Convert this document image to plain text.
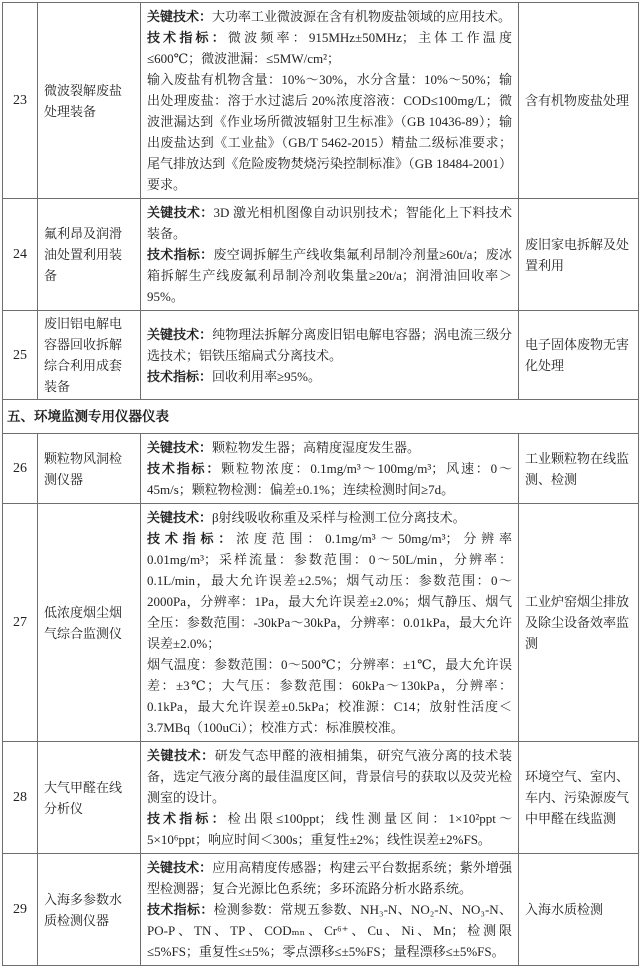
23	微波裂解废盐处理装备	关键技术：大功率工业微波源在含有机物废盐领域的应用技术。

技术指标：微波频率：915MHz±50MHz；主体工作温度≤600℃；微波泄漏：≤5MW/cm²；

输入废盐有机物含量：10%～30%，水分含量：10%～50%；输出处理废盐：溶于水过滤后 20%浓度溶液：COD≤100mg/L；微波泄漏达到《作业场所微波辐射卫生标准》（GB 10436-89）；输出废盐达到《工业盐》（GB/T 5462-2015）精盐二级标准要求；尾气排放达到《危险废物焚烧污染控制标准》（GB 18484-2001）要求。	含有机物废盐处理
24	氟利昂及润滑油处置利用装备	关键技术：3D 激光相机图像自动识别技术；智能化上下料技术装备。

技术指标：废空调拆解生产线收集氟利昂制冷剂量≥60t/a；废冰箱拆解生产线废氟利昂制冷剂收集量≥20t/a；润滑油回收率＞95%。	废旧家电拆解及处置利用
25	废旧铝电解电容器回收拆解综合利用成套装备	关键技术：纯物理法拆解分离废旧铝电解电容器；涡电流三级分选技术；铝铁压缩扁式分离技术。

技术指标：回收利用率≥95%。	电子固体废物无害化处理
五、环境监测专用仪器仪表			
26	颗粒物风洞检测仪器	关键技术：颗粒物发生器；高精度湿度发生器。

技术指标：颗粒物浓度：0.1mg/m³～100mg/m³；风速：0～45m/s；颗粒物检测：偏差±0.1%；连续检测时间≥7d。	工业颗粒物在线监测、检测
27	低浓度烟尘烟气综合监测仪	关键技术：β射线吸收称重及采样与检测工位分离技术。

技术指标：浓度范围：0.1mg/m³～50mg/m³；分辨率 0.01mg/m³；采样流量：参数范围：0～50L/min，分辨率：0.1L/min，最大允许误差±2.5%；烟气动压：参数范围：0～2000Pa，分辨率：1Pa，最大允许误差±2.0%；烟气静压、烟气全压：参数范围：-30kPa～30kPa，分辨率：0.01kPa，最大允许误差±2.0%；

烟气温度：参数范围：0～500℃；分辨率：±1℃，最大允许误差：±3℃；大气压：参数范围：60kPa～130kPa，分辨率：0.1kPa，最大允许误差±0.5kPa；校准源：C14；放射性活度＜3.7MBq（100uCi）；校准方式：标准膜校准。	工业炉窑烟尘排放及除尘设备效率监测
28	大气甲醛在线分析仪	关键技术：研发气态甲醛的液相捕集，研究气液分离的技术装备，选定气液分离的最佳温度区间，背景信号的获取以及荧光检测室的设计。

技术指标：检出限≤100ppt；线性测量区间：1×10²ppt～5×10⁶ppt；响应时间＜300s；重复性±2%；线性误差±2%FS。	环境空气、室内、车内、污染源废气中甲醛在线监测
29	入海多参数水质检测仪器	关键技术：应用高精度传感器；构建云平台数据系统；紫外增强型检测器；复合光源比色系统；多环流路分析水路系统。

技术指标：检测参数：常规五参数、NH₃-N、NO₂-N、NO₃-N、PO-P、TN、TP、CODₘₙ、Cr⁶⁺、Cu、Ni、Mn；检测限≤5%FS；重复性≤±5%；零点漂移≤±5%FS；量程漂移≤±5%FS。	入海水质检测
